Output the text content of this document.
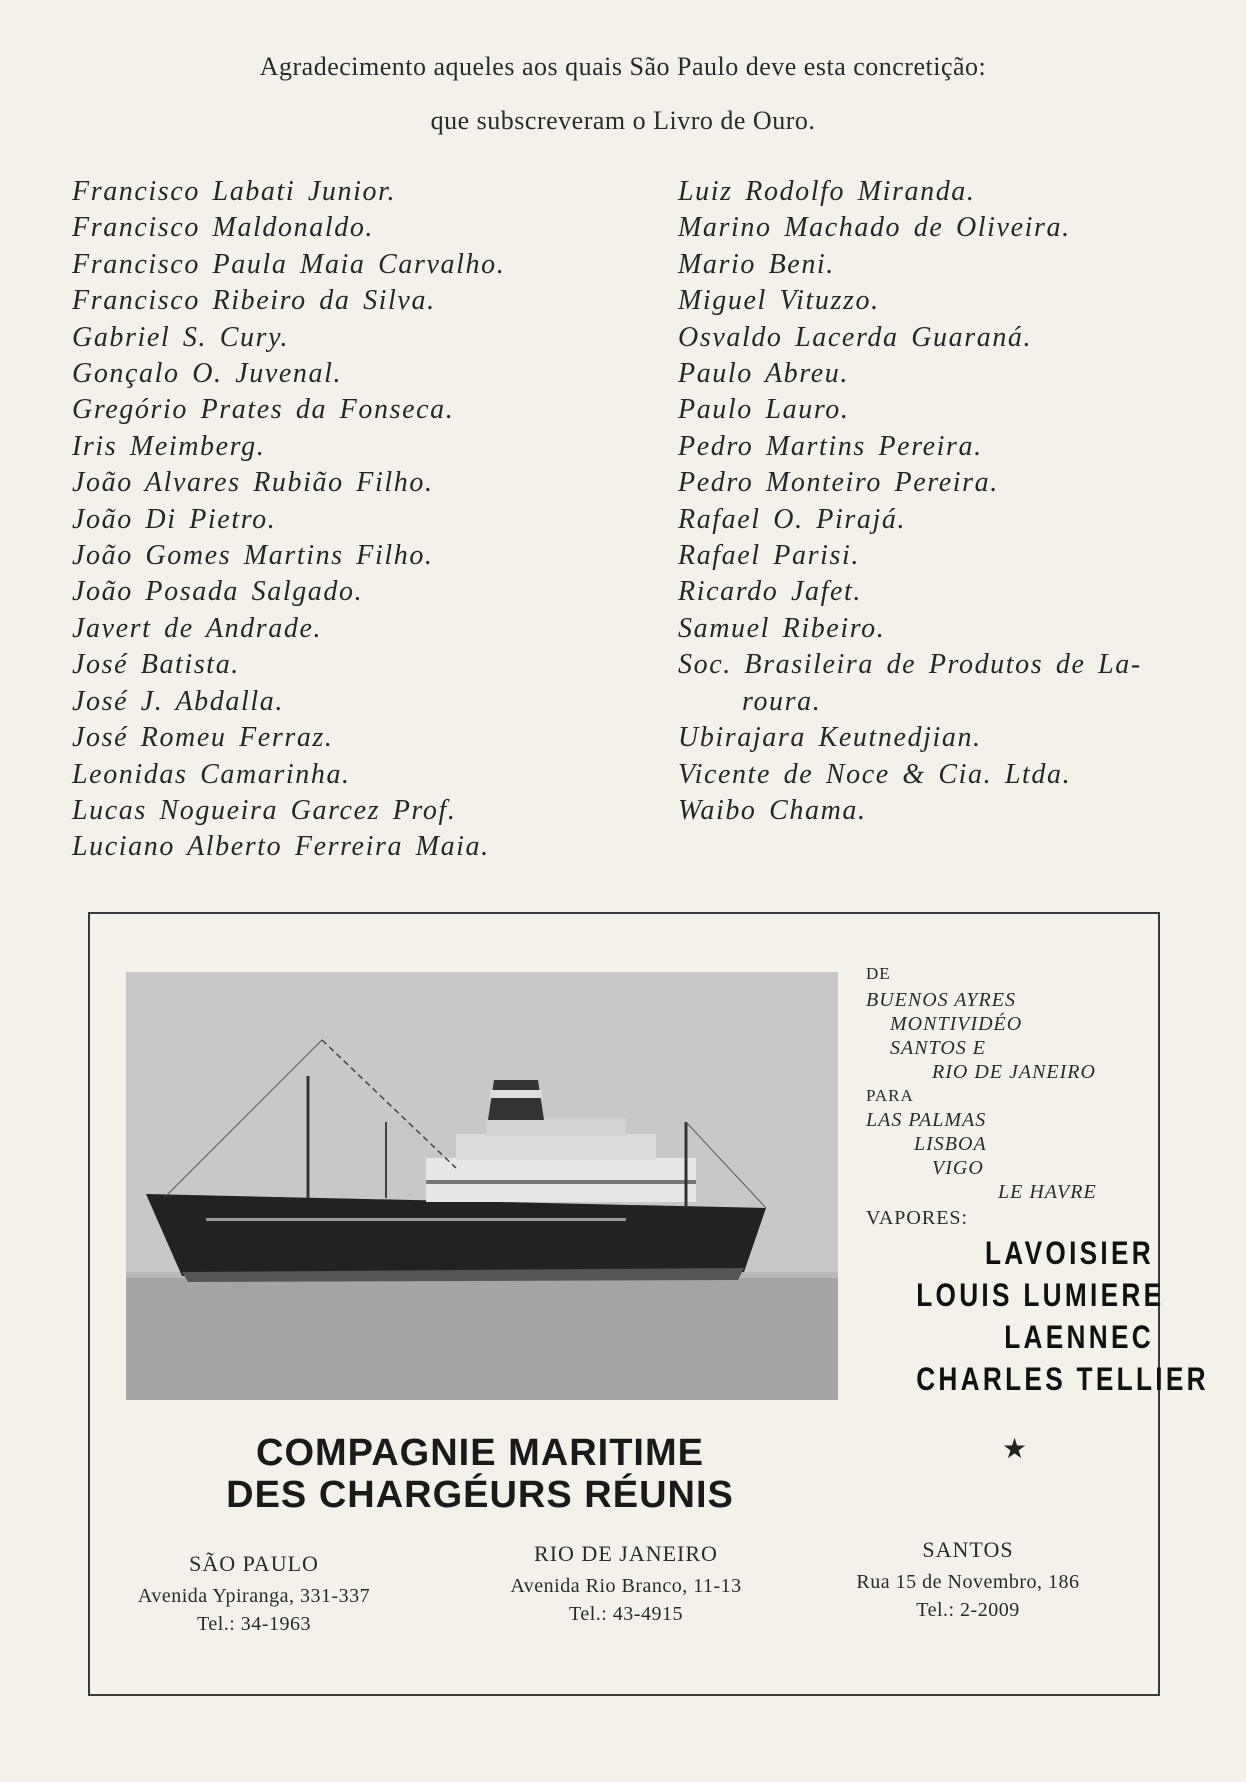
Agradecimento aqueles aos quais São Paulo deve esta concretição:
que subscreveram o Livro de Ouro.
Francisco Labati Junior.
Francisco Maldonaldo.
Francisco Paula Maia Carvalho.
Francisco Ribeiro da Silva.
Gabriel S. Cury.
Gonçalo O. Juvenal.
Gregório Prates da Fonseca.
Iris Meimberg.
João Alvares Rubião Filho.
João Di Pietro.
João Gomes Martins Filho.
João Posada Salgado.
Javert de Andrade.
José Batista.
José J. Abdalla.
José Romeu Ferraz.
Leonidas Camarinha.
Lucas Nogueira Garcez Prof.
Luciano Alberto Ferreira Maia.
Luiz Rodolfo Miranda.
Marino Machado de Oliveira.
Mario Beni.
Miguel Vituzzo.
Osvaldo Lacerda Guaraná.
Paulo Abreu.
Paulo Lauro.
Pedro Martins Pereira.
Pedro Monteiro Pereira.
Rafael O. Pirajá.
Rafael Parisi.
Ricardo Jafet.
Samuel Ribeiro.
Soc. Brasileira de Produtos de La-
roura.
Ubirajara Keutnedjian.
Vicente de Noce & Cia. Ltda.
Waibo Chama.
DE
BUENOS AYRES
MONTIVIDÉO
SANTOS E
RIO DE JANEIRO
PARA
LAS PALMAS
LISBOA
VIGO
LE HAVRE
VAPORES:
LAVOISIER
LOUIS LUMIERE
LAENNEC
CHARLES TELLIER
★
COMPAGNIE MARITIME
DES CHARGÉURS RÉUNIS
SÃO PAULO
Avenida Ypiranga, 331-337
Tel.: 34-1963
RIO DE JANEIRO
Avenida Rio Branco, 11-13
Tel.: 43-4915
SANTOS
Rua 15 de Novembro, 186
Tel.: 2-2009
